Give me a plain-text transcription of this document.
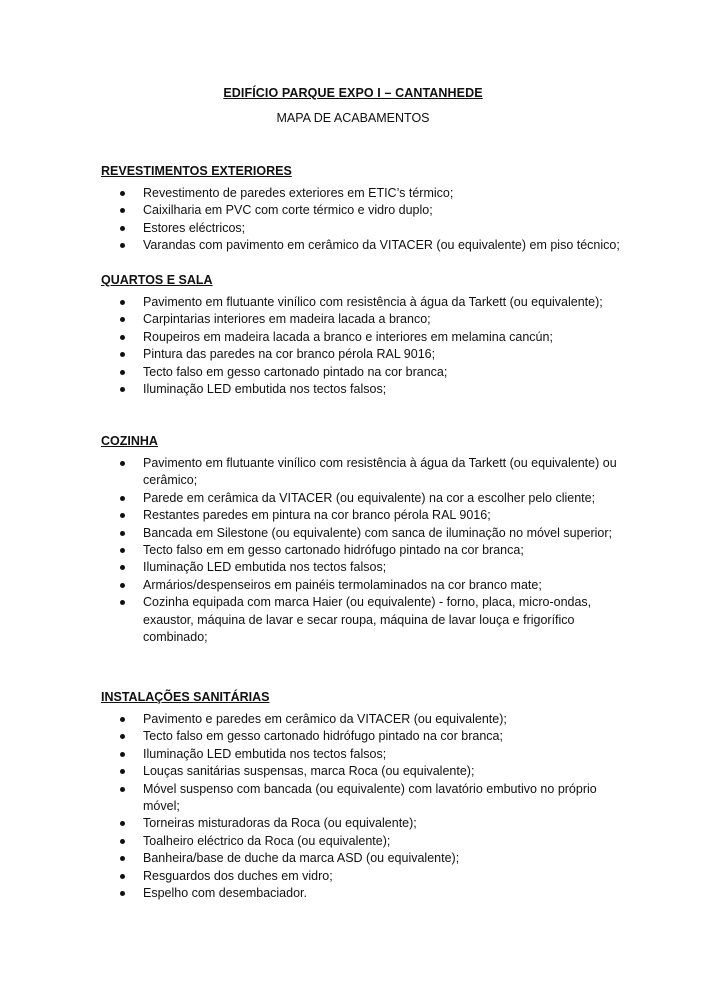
EDIFÍCIO PARQUE EXPO I – CANTANHEDE
MAPA DE ACABAMENTOS
REVESTIMENTOS EXTERIORES
Revestimento de paredes exteriores em ETIC’s térmico;
Caixilharia em PVC com corte térmico e vidro duplo;
Estores eléctricos;
Varandas com pavimento em cerâmico da VITACER (ou equivalente) em piso técnico;
QUARTOS E SALA
Pavimento em flutuante vinílico com resistência à água da Tarkett (ou equivalente);
Carpintarias interiores em madeira lacada a branco;
Roupeiros em madeira lacada a branco e interiores em melamina cancún;
Pintura das paredes na cor branco pérola RAL 9016;
Tecto falso em gesso cartonado pintado na cor branca;
Iluminação LED embutida nos tectos falsos;
COZINHA
Pavimento em flutuante vinílico com resistência à água da Tarkett (ou equivalente) ou cerâmico;
Parede em cerâmica da VITACER (ou equivalente) na cor a escolher pelo cliente;
Restantes paredes em pintura na cor branco pérola RAL 9016;
Bancada em Silestone (ou equivalente) com sanca de iluminação no móvel superior;
Tecto falso em em gesso cartonado hidrófugo pintado na cor branca;
Iluminação LED embutida nos tectos falsos;
Armários/despenseiros em painéis termolaminados na cor branco mate;
Cozinha equipada com marca Haier (ou equivalente) - forno, placa, micro-ondas, exaustor, máquina de lavar e secar roupa, máquina de lavar louça e frigorífico combinado;
INSTALAÇÕES SANITÁRIAS
Pavimento e paredes em cerâmico da VITACER (ou equivalente);
Tecto falso em gesso cartonado hidrófugo pintado na cor branca;
Iluminação LED embutida nos tectos falsos;
Louças sanitárias suspensas, marca Roca (ou equivalente);
Móvel suspenso com bancada (ou equivalente) com lavatório embutivo no próprio móvel;
Torneiras misturadoras da Roca (ou equivalente);
Toalheiro eléctrico da Roca (ou equivalente);
Banheira/base de duche da marca ASD (ou equivalente);
Resguardos dos duches em vidro;
Espelho com desembaciador.
